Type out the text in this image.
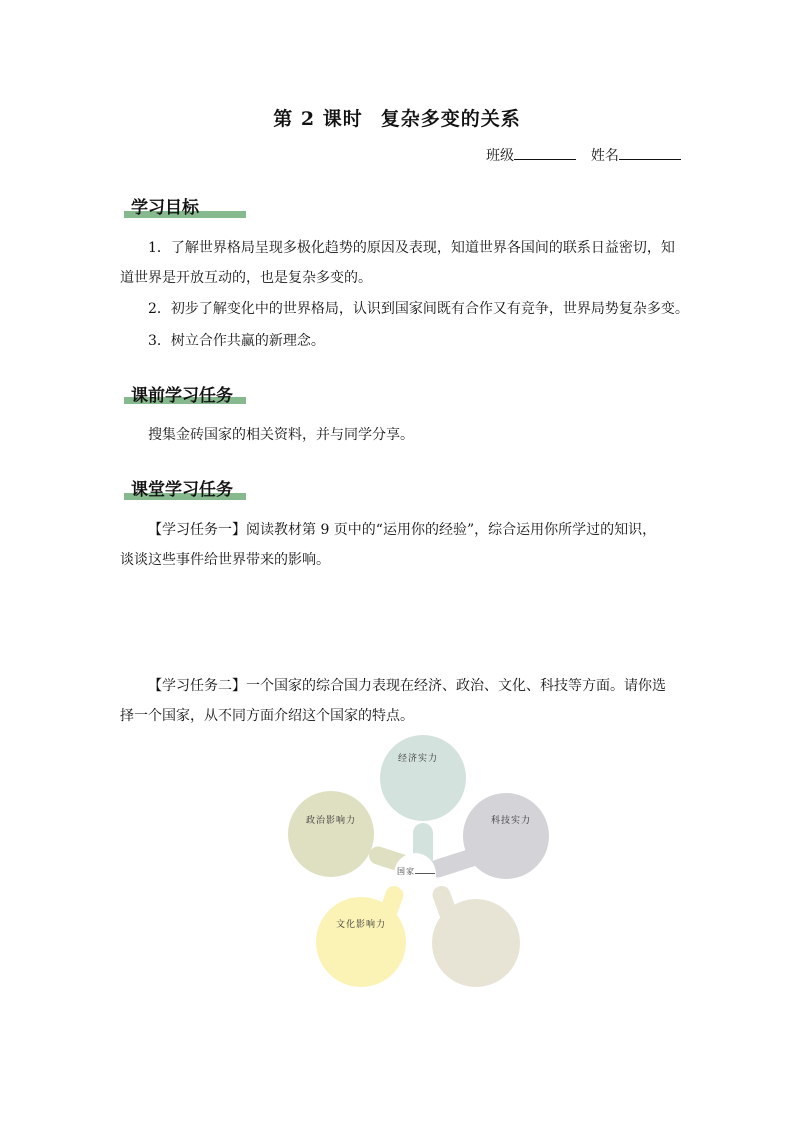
第 2 课时 复杂多变的关系
班级	姓名
学习目标
1．了解世界格局呈现多极化趋势的原因及表现，知道世界各国间的联系日益密切，知
道世界是开放互动的，也是复杂多变的。
2．初步了解变化中的世界格局，认识到国家间既有合作又有竞争，世界局势复杂多变。
3．树立合作共赢的新理念。
课前学习任务
搜集金砖国家的相关资料，并与同学分享。
课堂学习任务
【学习任务一】阅读教材第 9 页中的“运用你的经验”，综合运用你所学过的知识，
谈谈这些事件给世界带来的影响。
【学习任务二】一个国家的综合国力表现在经济、政治、文化、科技等方面。请你选
择一个国家，从不同方面介绍这个国家的特点。
经济实力
政治影响力	科技实力
文化影响力
国家
